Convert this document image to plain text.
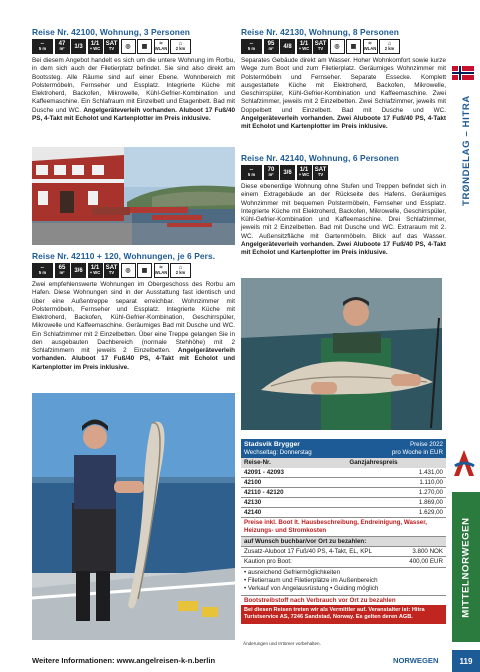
Reise Nr. 42100, Wohnung, 3 Personen
⇔
5 m
47
m² 1/3 1/1
+ WC
SAT
TV ◎ ▦ ≈
WLAN
⌂
2 km
Bei diesem Angebot handelt es sich um die untere Wohnung im Rorbu, in dem sich auch der Filetierplatz befindet. Sie sind also direkt am Bootssteg. Alle Räume sind auf einer Ebene. Wohnbereich mit Polstermöbeln, Fernseher und Essplatz. Integrierte Küche mit Elektroherd, Backofen, Mikrowelle, Kühl-Gefrier-Kombination und Kaffeemaschine. Ein Schlafraum mit Einzelbett und Etagenbett. Bad mit Dusche und WC. Angelgeräteverleih vorhanden. Aluboot 17 Fuß/40 PS, 4-Takt mit Echolot und Kartenplotter im Preis inklusive.
Reise Nr. 42110 + 120, Wohnungen, je 6 Pers.
⇔
5 m
65
m² 3/6 1/1
+ WC
SAT
TV ◎ ▦ ≈
WLAN
⌂
2 km
Zwei empfehlenswerte Wohnungen im Obergeschoss des Rorbu am Hafen. Diese Wohnungen sind in der Ausstattung fast identisch und über eine Außentreppe separat erreichbar. Wohnzimmer mit Polstermöbeln, Fernseher und Essplatz. Integrierte Küche mit Elektroherd, Backofen, Kühl-Gefrier-Kombination, Geschirrspüler, Mikrowelle und Kaffeemaschine. Geräumiges Bad mit Dusche und WC. Ein Schlafzimmer mit 2 Einzelbetten. Über eine Treppe gelangen Sie in den ausgebauten Dachbereich (normale Stehhöhe) mit 2 Schlafzimmern mit jeweils 2 Einzelbetten. Angelgeräteverleih vorhanden. Aluboot 17 Fuß/40 PS, 4-Takt mit Echolot und Kartenplotter im Preis inklusive.
Reise Nr. 42130, Wohnung, 8 Personen
⇔
5 m
95
m² 4/8 1/1
+ WC
SAT
TV ◎ ▦ ≈
WLAN
⌂
2 km
Separates Gebäude direkt am Wasser. Hoher Wohnkomfort sowie kurze Wege zum Boot und zum Filetierplatz. Geräumiges Wohnzimmer mit Polstermöbeln und Fernseher. Separate Essecke. Komplett ausgestattete Küche mit Elektroherd, Backofen, Mikrowelle, Geschirrspüler, Kühl-Gefrier-Kombination und Kaffeemaschine. Zwei Schlafzimmer, jeweils mit 2 Einzelbetten. Zwei Schlafzimmer, jeweils mit Doppelbett und Einzelbett. Bad mit Dusche und WC. Angelgeräteverleih vorhanden. Zwei Aluboote 17 Fuß/40 PS, 4-Takt mit Echolot und Kartenplotter im Preis inklusive.
Reise Nr. 42140, Wohnung, 6 Personen
⇔
5 m
70
m² 3/6 1/1
+ WC
SAT
TV
Diese ebenerdige Wohnung ohne Stufen und Treppen befindet sich in einem Extragebäude an der Rückseite des Hafens. Geräumiges Wohnzimmer mit bequemen Polstermöbeln, Fernseher und Essplatz. Integrierte Küche mit Elektroherd, Backofen, Mikrowelle, Geschirrspüler, Kühl-Gefrier-Kombination und Kaffeemaschine. Drei Schlafzimmer, jeweils mit 2 Einzelbetten. Bad mit Dusche und WC. Extraraum mit 2. WC. Außensitzfläche mit Gartenmöbeln. Blick auf das Wasser. Angelgeräteverleih vorhanden. Zwei Aluboote 17 Fuß/40 PS, 4-Takt mit Echolot und Kartenplotter im Preis inklusive.
Stadsvik Brygger
Wechseltag: Donnerstag
Preise 2022
pro Woche in EUR
Reise-Nr.	Ganzjahrespreis
42091 - 42093	1.431,00
42100	1.110,00
42110 - 42120	1.270,00
42130	1.869,00
42140	1.629,00
Preise inkl. Boot lt. Hausbeschreibung, Endreinigung, Wasser, Heizungs- und Stromkosten
auf Wunsch buchbar/vor Ort zu bezahlen:
Zusatz-Aluboot 17 Fuß/40 PS, 4-Takt, EL, KPL	3.800 NOK
Kaution pro Boot:	400,00 EUR
• ausreichend Gefriermöglichkeiten
• Filetierraum und Filetierplätze im Außenbereich
• Verkauf von Angelausrüstung • Guiding möglich
Bootstreibstoff nach Verbrauch vor Ort zu bezahlen
Bei diesen Reisen treten wir als Vermittler auf. Veranstalter ist: Hitra Turistservice AS, 7246 Sandstad, Norway. Es gelten deren AGB.
Änderungen und Irrtümer vorbehalten.
TRØNDELAG – HITRA
MITTELNORWEGEN
Weitere Informationen: www.angelreisen-k-n.berlin	NORWEGEN	119
